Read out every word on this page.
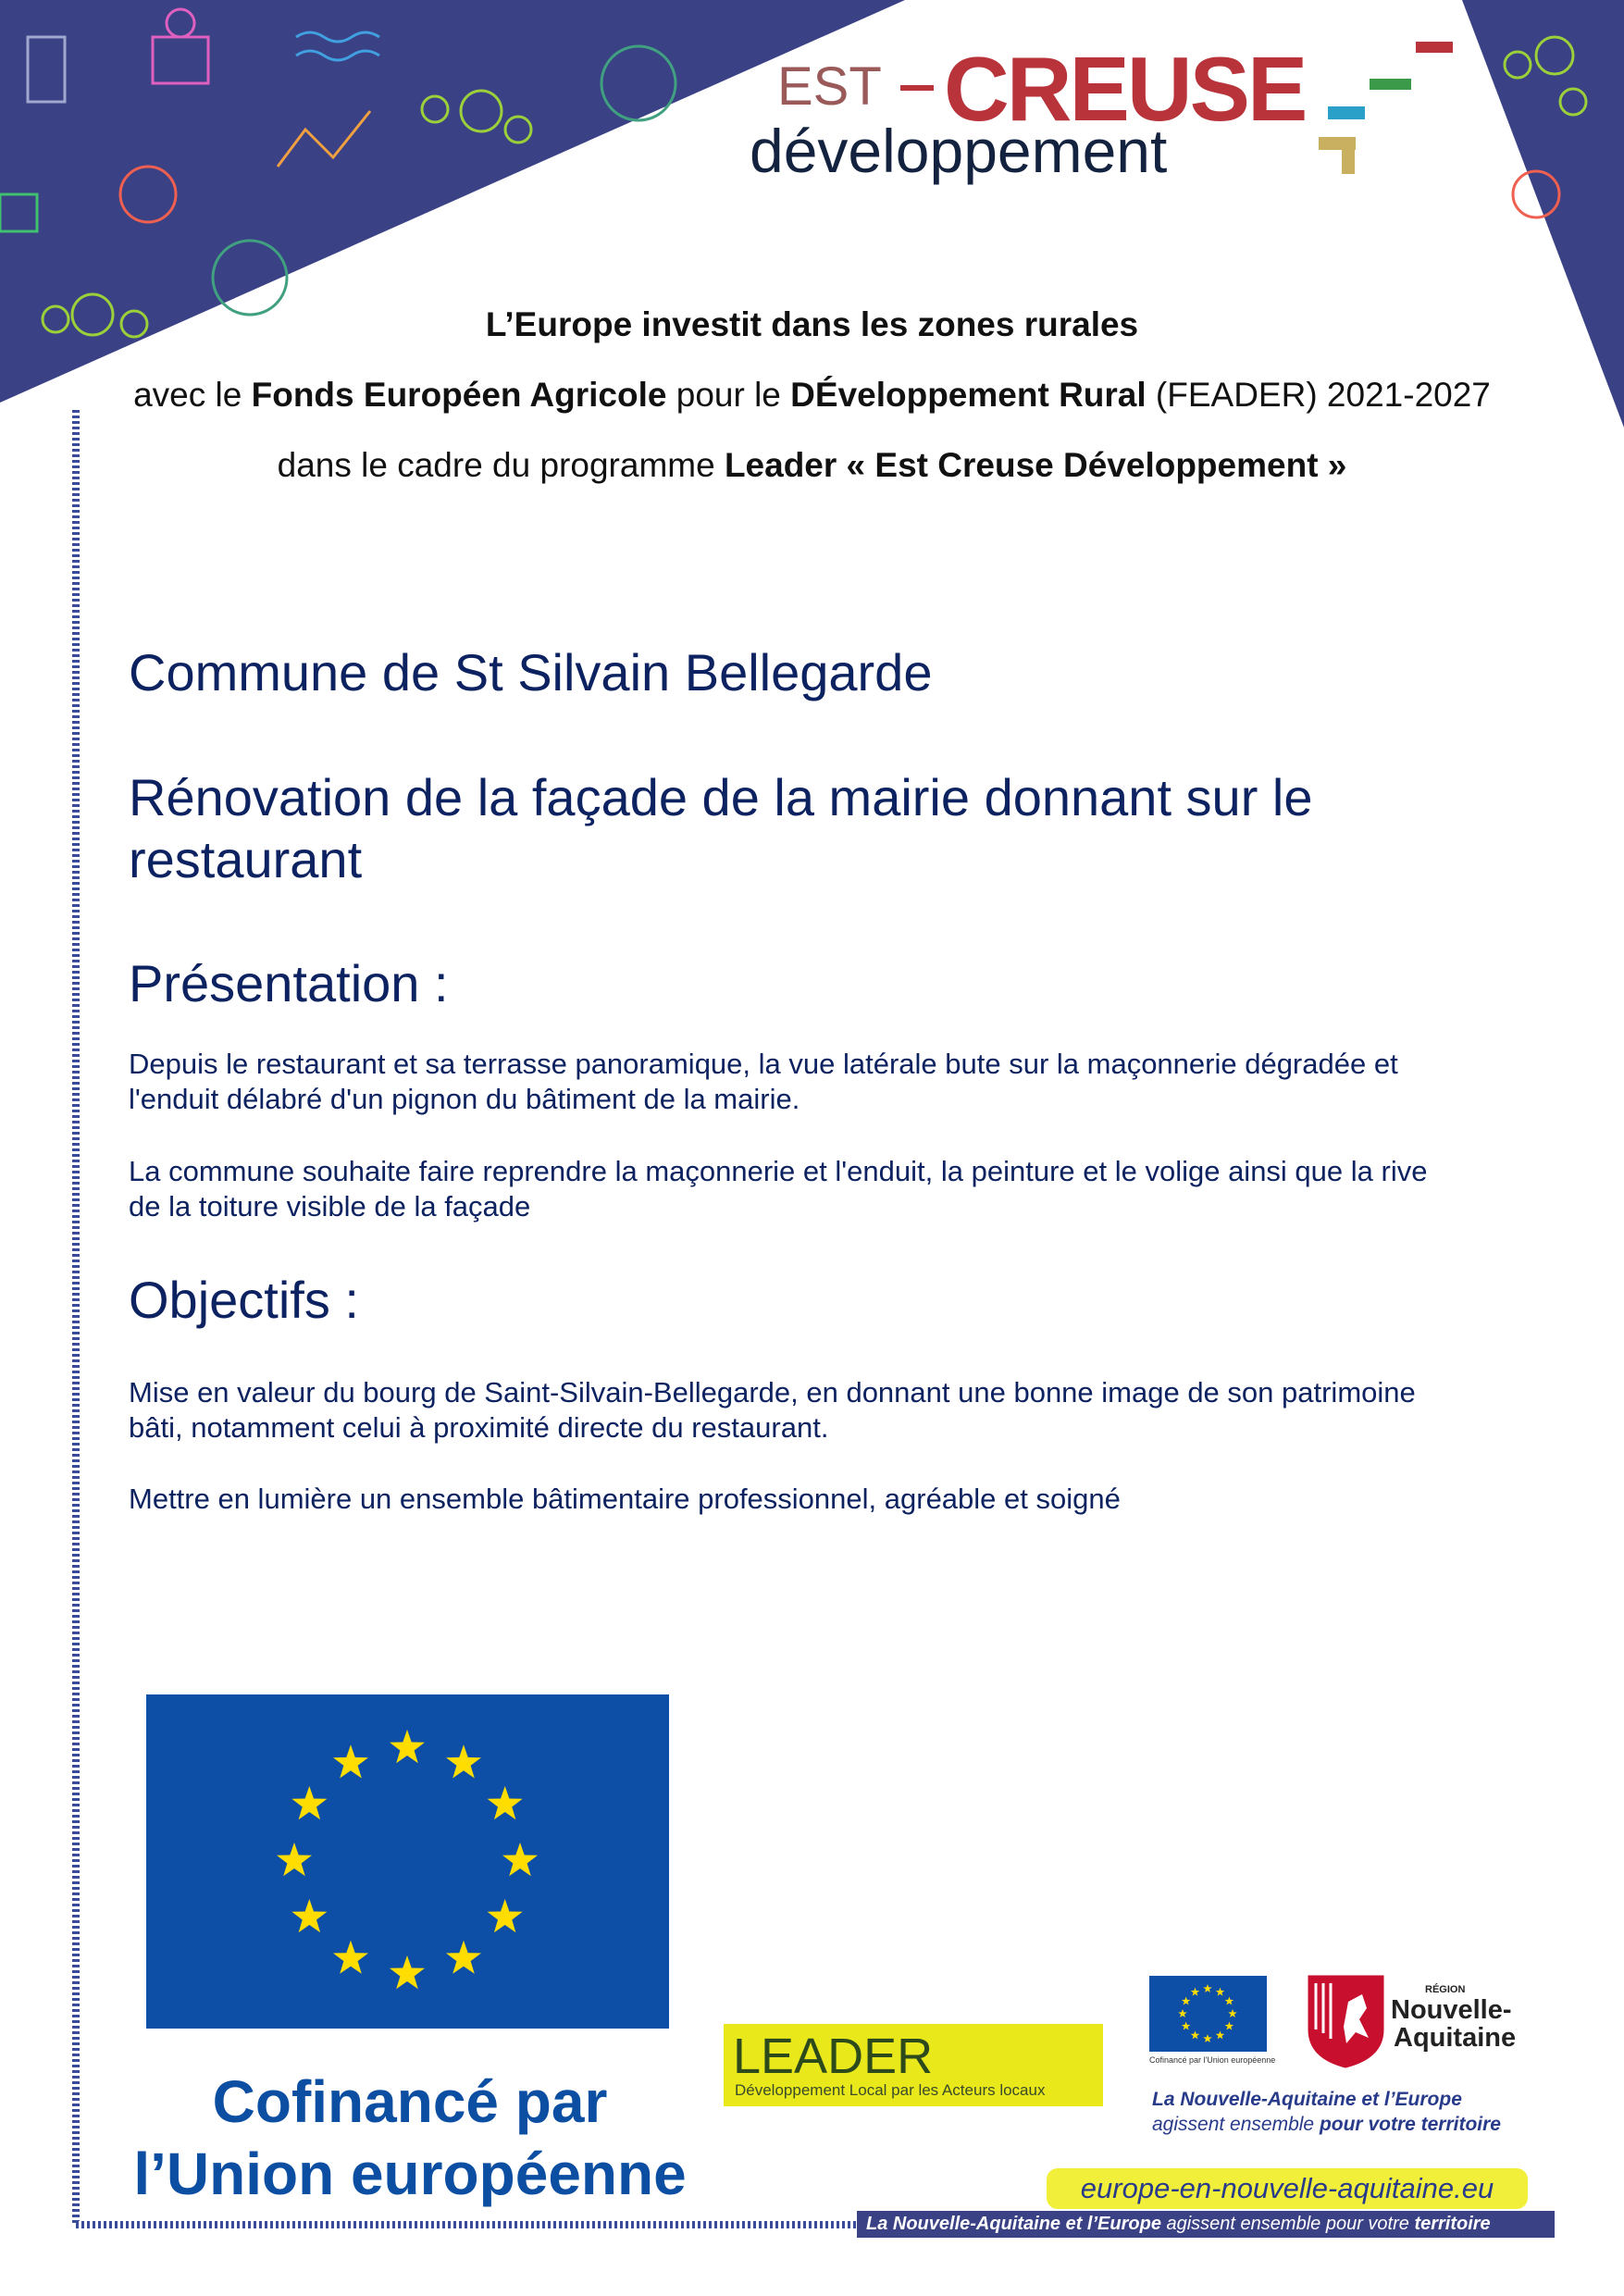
EST CREUSE
développement
L’Europe investit dans les zones rurales
avec le Fonds Européen Agricole pour le DÉveloppement Rural (FEADER) 2021-2027
dans le cadre du programme Leader « Est Creuse Développement »
Commune de St Silvain Bellegarde
Rénovation de la façade de la mairie donnant sur le
restaurant
Présentation :
Depuis le restaurant et sa terrasse panoramique, la vue latérale bute sur la maçonnerie dégradée et
l'enduit délabré d'un pignon du bâtiment de la mairie.
La commune souhaite faire reprendre la maçonnerie et l'enduit, la peinture et le volige ainsi que la rive
de la toiture visible de la façade
Objectifs :
Mise en valeur du bourg de Saint-Silvain-Bellegarde, en donnant une bonne image de son patrimoine
bâti, notamment celui à proximité directe du restaurant.
Mettre en lumière un ensemble bâtimentaire professionnel, agréable et soigné
Cofinancé par
l’Union européenne
LEADER
Développement Local par les Acteurs locaux
Cofinancé par l'Union européenne
RÉGION
Nouvelle-
Aquitaine
La Nouvelle-Aquitaine et l’Europe
agissent ensemble pour votre territoire
europe-en-nouvelle-aquitaine.eu
La Nouvelle-Aquitaine et l’Europe agissent ensemble pour votre territoire
